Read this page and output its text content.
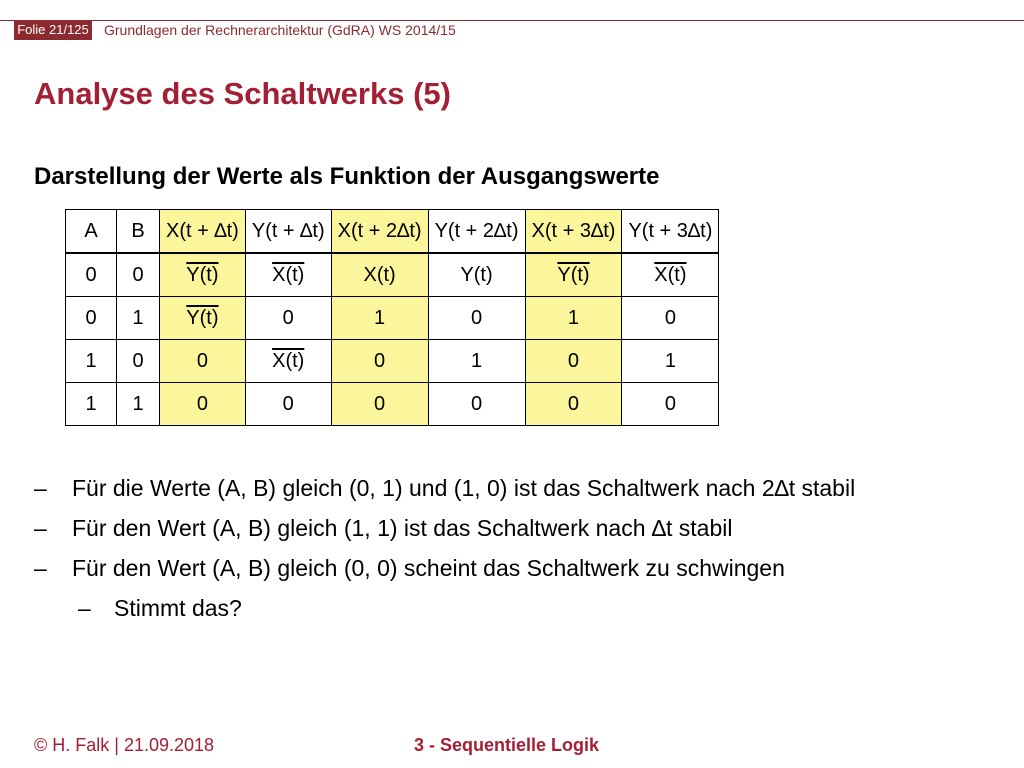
Folie 21/125 Grundlagen der Rechnerarchitektur (GdRA) WS 2014/15
Analyse des Schaltwerks (5)
Darstellung der Werte als Funktion der Ausgangswerte
A	B	X(t + ∆t)	Y(t + ∆t)	X(t + 2∆t)	Y(t + 2∆t)	X(t + 3∆t)	Y(t + 3∆t)
0	0	Y(t)	X(t)	X(t)	Y(t)	Y(t)	X(t)
0	1	Y(t)	0	1	0	1	0
1	0	0	X(t)	0	1	0	1
1	1	0	0	0	0	0	0
– Für die Werte (A, B) gleich (0, 1) und (1, 0) ist das Schaltwerk nach 2∆t stabil
– Für den Wert (A, B) gleich (1, 1) ist das Schaltwerk nach ∆t stabil
– Für den Wert (A, B) gleich (0, 0) scheint das Schaltwerk zu schwingen
– Stimmt das?
© H. Falk | 21.09.2018	3 - Sequentielle Logik
